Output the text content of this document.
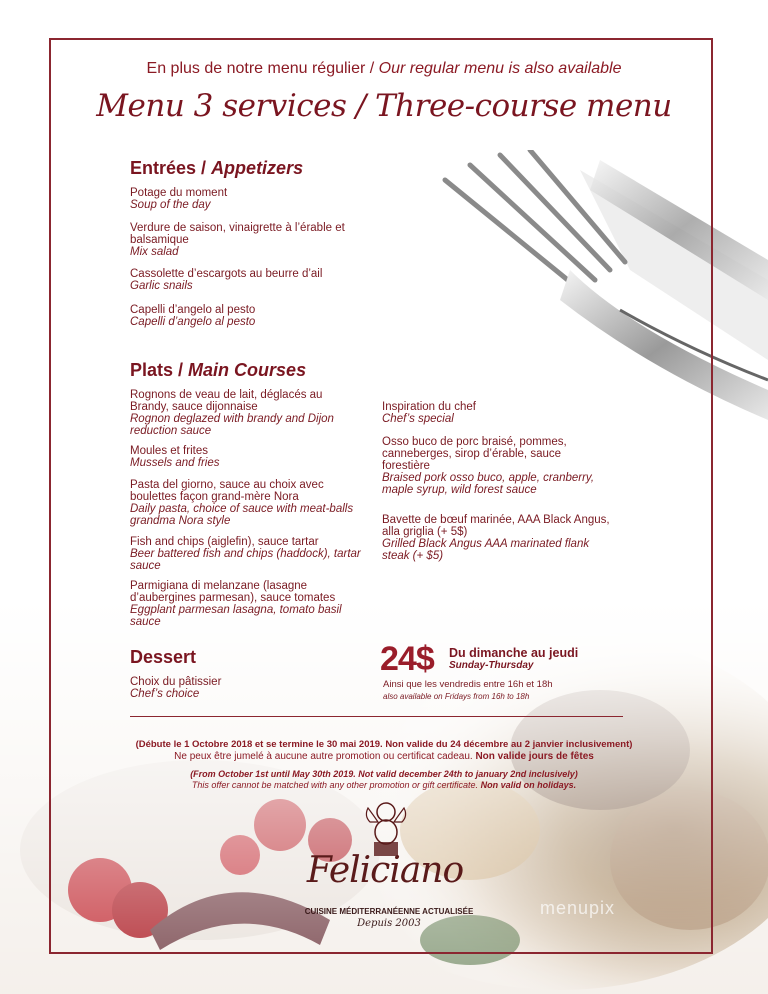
En plus de notre menu régulier / Our regular menu is also available
Menu 3 services / Three-course menu
Entrées / Appetizers
Potage du moment
Soup of the day
Verdure de saison, vinaigrette à l’érable et balsamique
Mix salad
Cassolette d’escargots au beurre d’ail
Garlic snails
Capelli d’angelo al pesto
Capelli d’angelo al pesto
Plats / Main Courses
Rognons de veau de lait, déglacés au Brandy, sauce dijonnaise
Rognon deglazed with brandy and Dijon reduction sauce
Moules et frites
Mussels and fries
Pasta del giorno, sauce au choix avec boulettes façon grand-mère Nora
Daily pasta, choice of sauce with meat-balls grandma Nora style
Fish and chips (aiglefin), sauce tartar
Beer battered fish and chips (haddock), tartar sauce
Parmigiana di melanzane (lasagne d’aubergines parmesan), sauce tomates
Eggplant parmesan lasagna, tomato basil sauce
Inspiration du chef
Chef’s special
Osso buco de porc braisé, pommes, canneberges, sirop d’érable, sauce forestière
Braised pork osso buco, apple, cranberry, maple syrup, wild forest sauce
Bavette de bœuf marinée, AAA Black Angus, alla griglia (+ 5$)
Grilled Black Angus AAA marinated flank steak (+ $5)
Dessert
Choix du pâtissier
Chef’s choice
24$ Du dimanche au jeudi
Sunday-Thursday
Ainsi que les vendredis entre 16h et 18h
also available on Fridays from 16h to 18h
(Débute le 1 Octobre 2018 et se termine le 30 mai 2019. Non valide du 24 décembre au 2 janvier inclusivement)
Ne peux être jumelé à aucune autre promotion ou certificat cadeau. Non valide jours de fêtes
(From October 1st until May 30th 2019. Not valid december 24th to january 2nd inclusively)
This offer cannot be matched with any other promotion or gift certificate. Non valid on holidays.
Feliciano
CUISINE MÉDITERRANÉENNE ACTUALISÉE
Depuis 2003
menupix
